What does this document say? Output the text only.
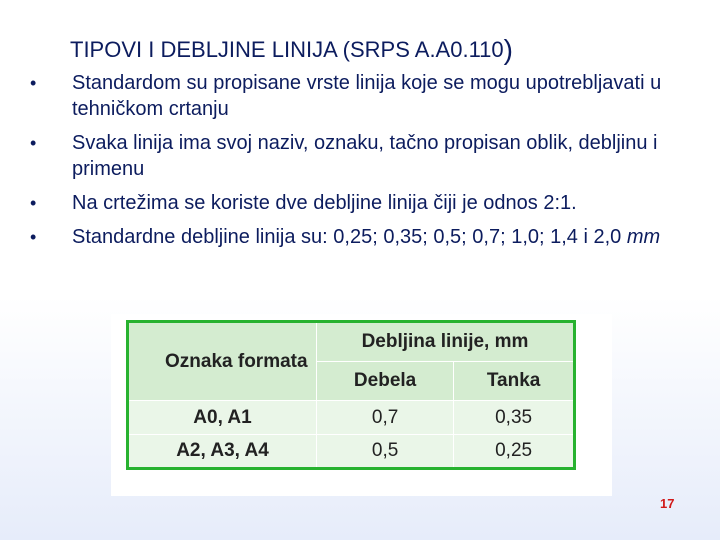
TIPOVI I DEBLJINE LINIJA (SRPS A.A0.110)
• Standardom su propisane vrste linija koje se mogu upotrebljavati u tehničkom crtanju
• Svaka linija ima svoj naziv, oznaku, tačno propisan oblik, debljinu i primenu
• Na crtežima se koriste dve debljine linija čiji je odnos 2:1.
• Standardne debljine linija su: 0,25; 0,35; 0,5; 0,7; 1,0; 1,4 i 2,0 mm
Oznaka formata	Debljina linije, mm	
	Debela	Tanka
A0, A1	0,7	0,35
A2, A3, A4	0,5	0,25
17
